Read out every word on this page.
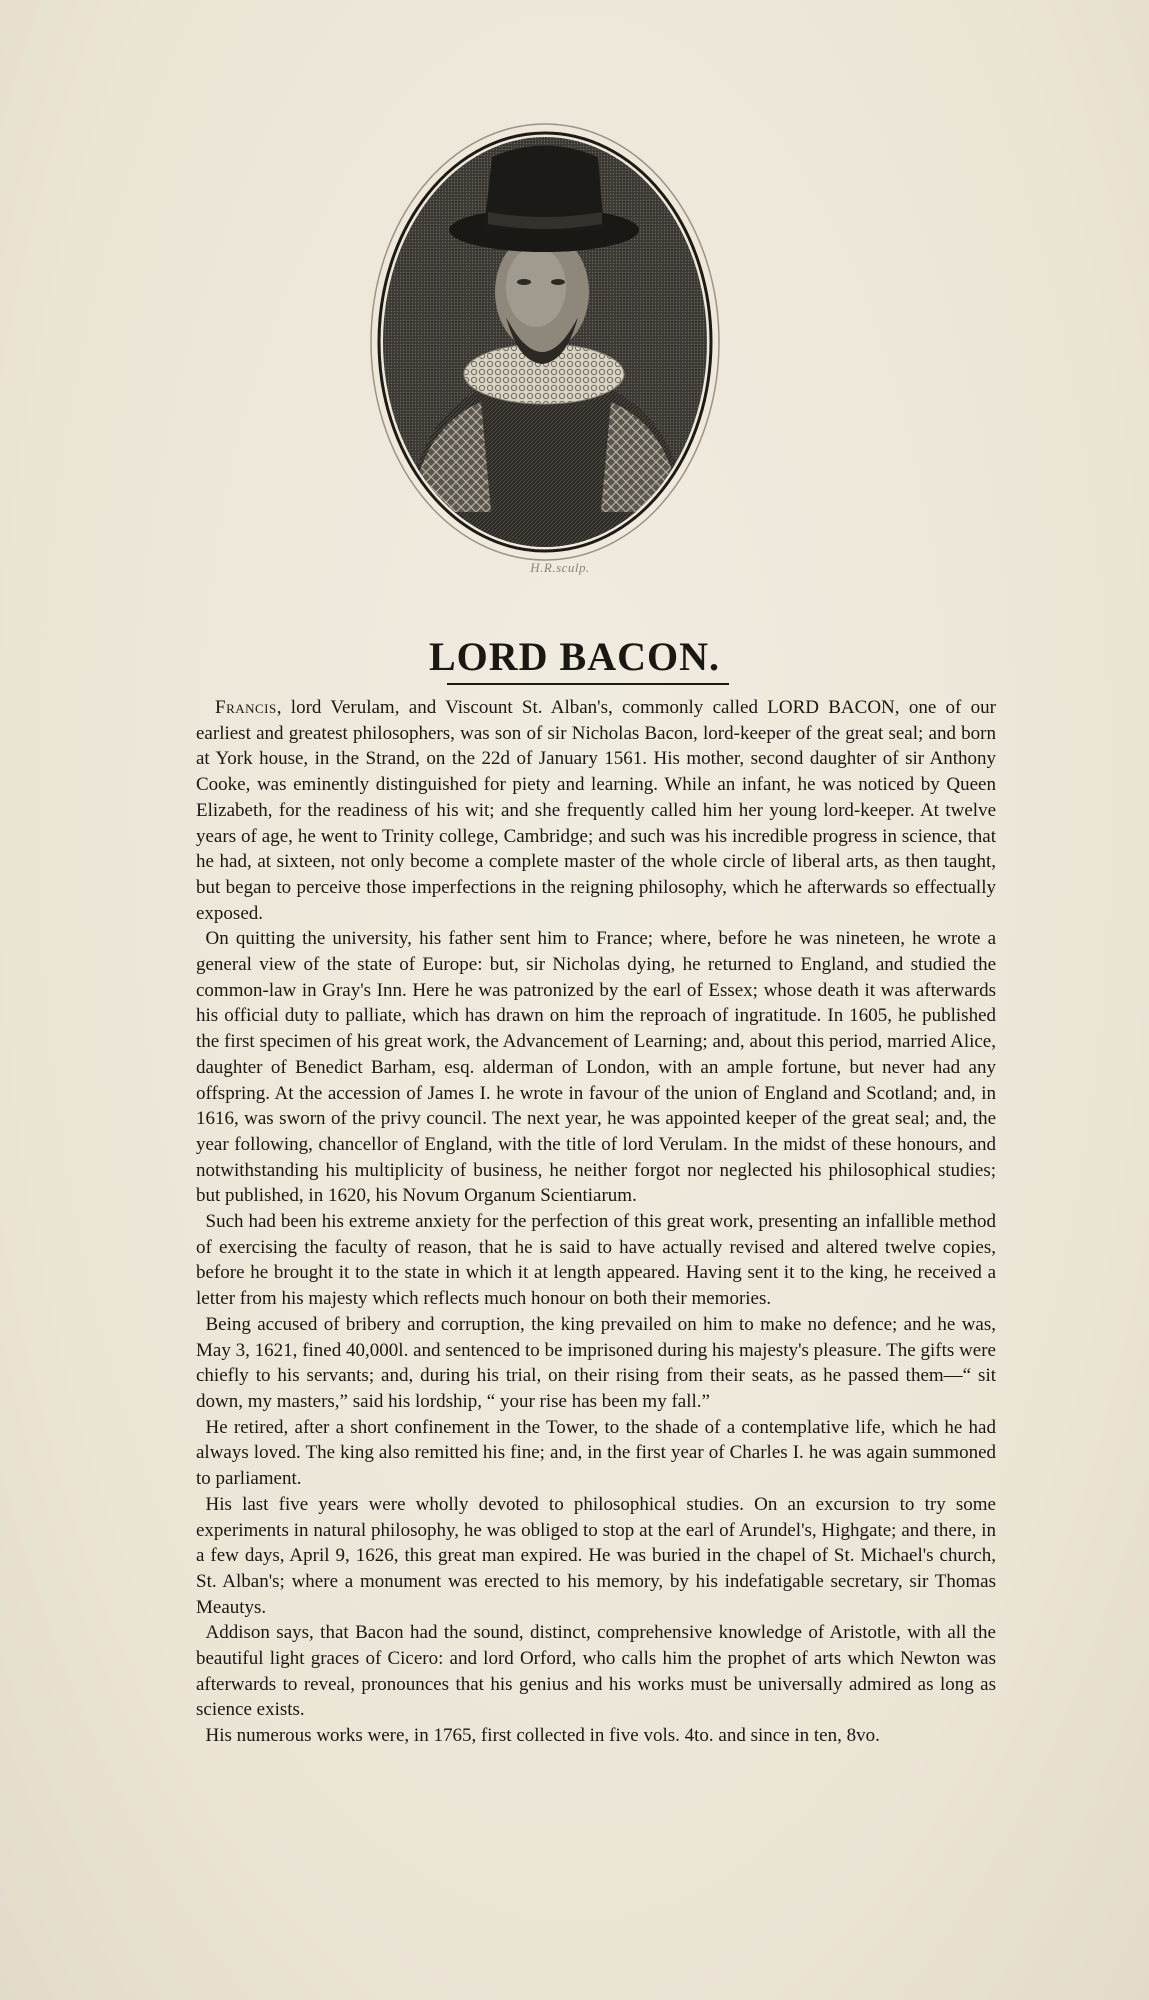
H.R.sculp.
LORD BACON.

 Francis, lord Verulam, and Viscount St. Alban's, commonly called LORD BACON, one of our earliest and greatest philosophers, was son of sir Nicholas Bacon, lord-keeper of the great seal; and born at York house, in the Strand, on the 22d of January 1561. His mother, second daughter of sir Anthony Cooke, was eminently distinguished for piety and learning. While an infant, he was noticed by Queen Elizabeth, for the readiness of his wit; and she frequently called him her young lord-keeper. At twelve years of age, he went to Trinity college, Cambridge; and such was his incredible progress in science, that he had, at sixteen, not only become a complete master of the whole circle of liberal arts, as then taught, but began to perceive those imperfections in the reigning philosophy, which he afterwards so effectually exposed.

 On quitting the university, his father sent him to France; where, before he was nineteen, he wrote a general view of the state of Europe: but, sir Nicholas dying, he returned to England, and studied the common-law in Gray's Inn. Here he was patronized by the earl of Essex; whose death it was afterwards his official duty to palliate, which has drawn on him the reproach of ingratitude. In 1605, he published the first specimen of his great work, the Advancement of Learning; and, about this period, married Alice, daughter of Benedict Barham, esq. alderman of London, with an ample fortune, but never had any offspring. At the accession of James I. he wrote in favour of the union of England and Scotland; and, in 1616, was sworn of the privy council. The next year, he was appointed keeper of the great seal; and, the year following, chancellor of England, with the title of lord Verulam. In the midst of these honours, and notwithstanding his multiplicity of business, he neither forgot nor neglected his philosophical studies; but published, in 1620, his Novum Organum Scientiarum.

 Such had been his extreme anxiety for the perfection of this great work, presenting an infallible method of exercising the faculty of reason, that he is said to have actually revised and altered twelve copies, before he brought it to the state in which it at length appeared. Having sent it to the king, he received a letter from his majesty which reflects much honour on both their memories.

 Being accused of bribery and corruption, the king prevailed on him to make no defence; and he was, May 3, 1621, fined 40,000l. and sentenced to be imprisoned during his majesty's pleasure. The gifts were chiefly to his servants; and, during his trial, on their rising from their seats, as he passed them—“ sit down, my masters,” said his lordship, “ your rise has been my fall.”

 He retired, after a short confinement in the Tower, to the shade of a contemplative life, which he had always loved. The king also remitted his fine; and, in the first year of Charles I. he was again summoned to parliament.

 His last five years were wholly devoted to philosophical studies. On an excursion to try some experiments in natural philosophy, he was obliged to stop at the earl of Arundel's, Highgate; and there, in a few days, April 9, 1626, this great man expired. He was buried in the chapel of St. Michael's church, St. Alban's; where a monument was erected to his memory, by his indefatigable secretary, sir Thomas Meautys.

 Addison says, that Bacon had the sound, distinct, comprehensive knowledge of Aristotle, with all the beautiful light graces of Cicero: and lord Orford, who calls him the prophet of arts which Newton was afterwards to reveal, pronounces that his genius and his works must be universally admired as long as science exists.

 His numerous works were, in 1765, first collected in five vols. 4to. and since in ten, 8vo.
